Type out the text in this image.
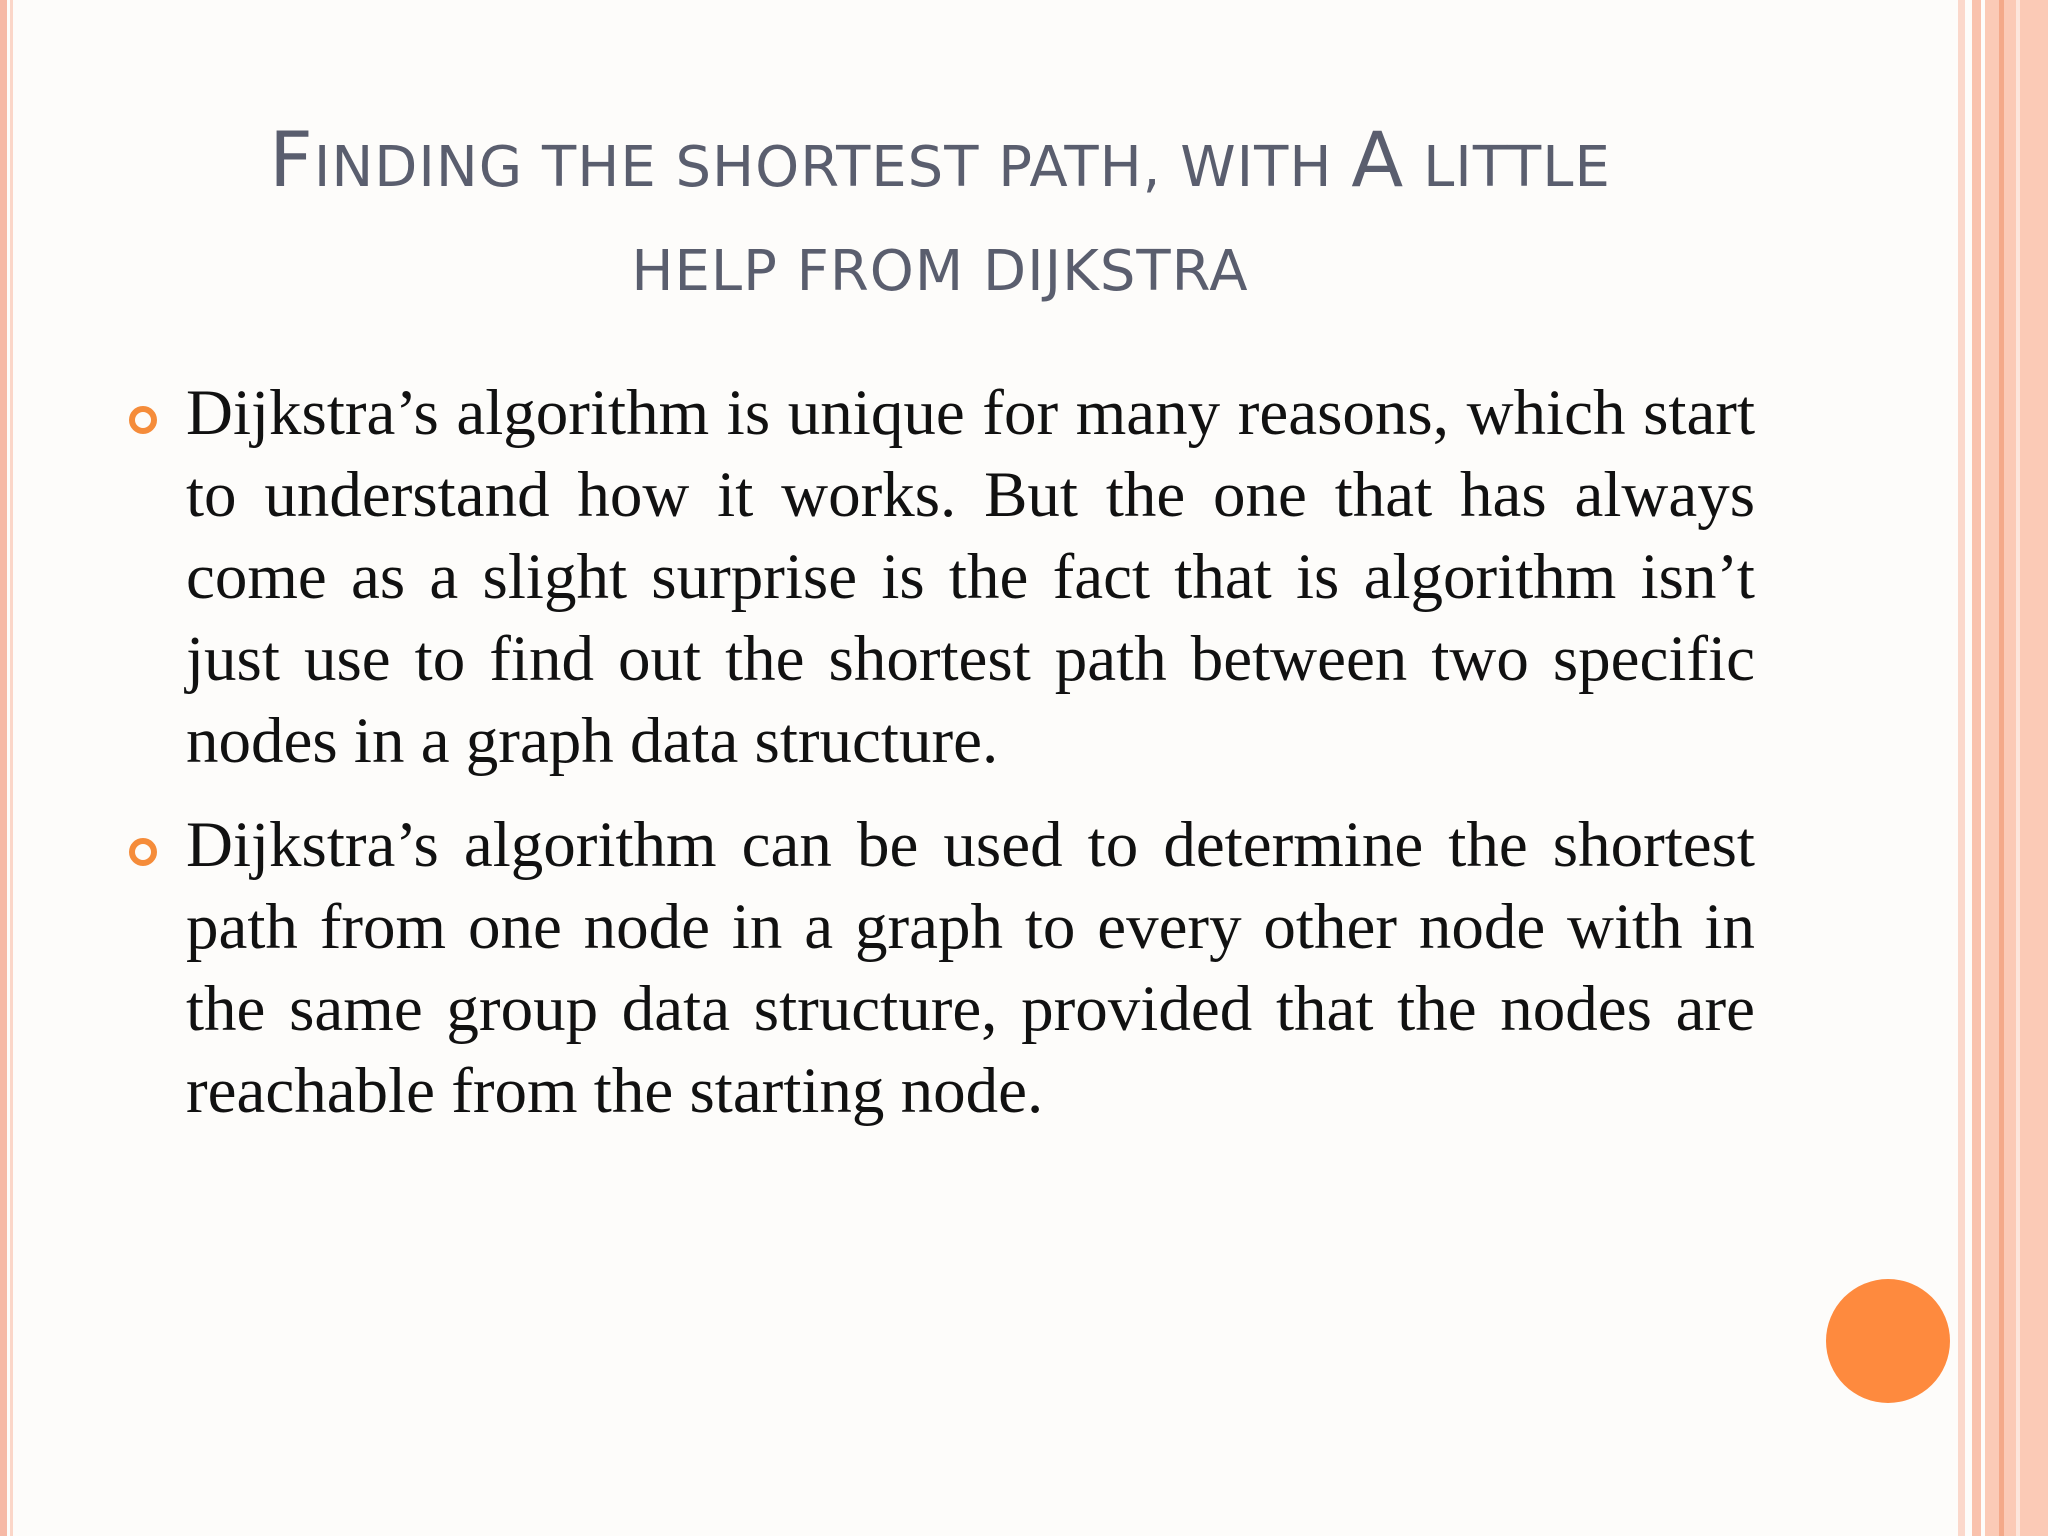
FINDING THE SHORTEST PATH, WITH A LITTLE
HELP FROM DIJKSTRA
Dijkstra’s algorithm is unique for many reasons, which start to understand how it works. But the one that has always come as a slight surprise is the fact that is algorithm isn’t just use to find out the shortest path between two specific nodes in a graph data structure.
Dijkstra’s algorithm can be used to determine the shortest path from one node in a graph to every other node with in the same group data structure, provided that the nodes are reachable from the starting node.
